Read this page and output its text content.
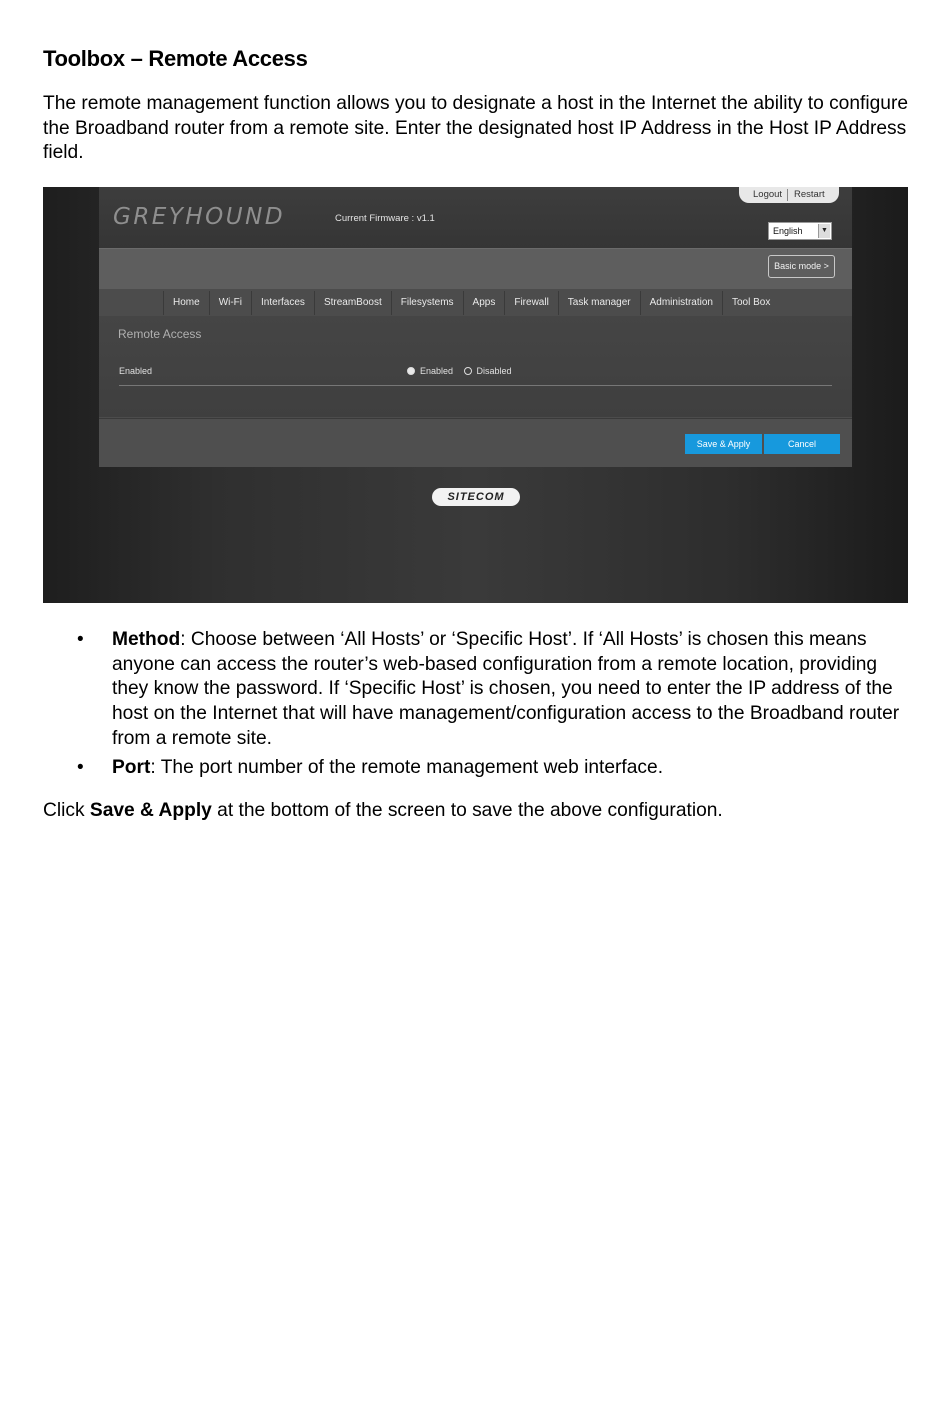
Toolbox – Remote Access

The remote management function allows you to designate a host in the Internet the ability to configure the Broadband router from a remote site. Enter the designated host IP Address in the Host IP Address field.

GREYHOUND	Current Firmware : v1.1
English	▼
Basic mode >
Home	Wi-Fi	Interfaces	StreamBoost	Filesystems	Apps	Firewall	Task manager	Administration	Tool Box
Remote Access
Enabled	Enabled	Disabled
Save & Apply	Cancel
Logout Restart
SITECOM
• Method: Choose between ‘All Hosts’ or ‘Specific Host’. If ‘All Hosts’ is chosen this means anyone can access the router’s web-based configuration from a remote location, providing they know the password. If ‘Specific Host’ is chosen, you need to enter the IP address of the host on the Internet that will have management/configuration access to the Broadband router from a remote site.
• Port: The port number of the remote management web interface.

Click Save & Apply at the bottom of the screen to save the above configuration.
